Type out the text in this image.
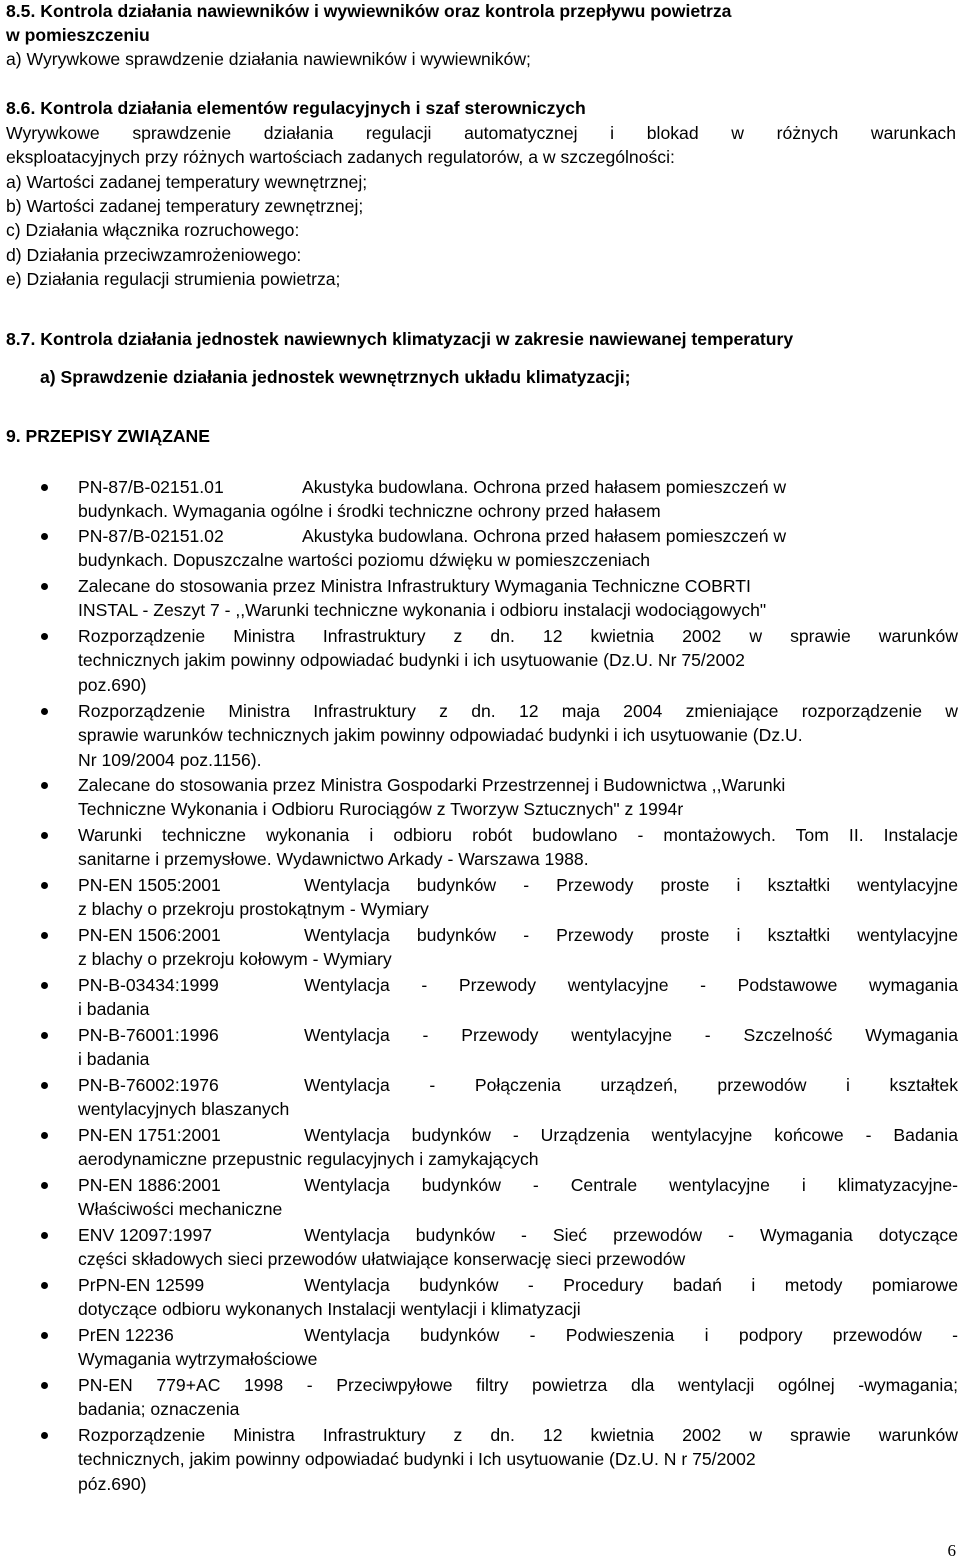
8.5. Kontrola działania nawiewników i wywiewników oraz kontrola przepływu powietrza
w pomieszczeniu
a) Wyrywkowe sprawdzenie działania nawiewników i wywiewników;
8.6. Kontrola działania elementów regulacyjnych i szaf sterowniczych
Wyrywkowe sprawdzenie działania regulacji automatycznej i blokad w różnych warunkach
eksploatacyjnych przy różnych wartościach zadanych regulatorów, a w szczególności:
a) Wartości zadanej temperatury wewnętrznej;
b) Wartości zadanej temperatury zewnętrznej;
c) Działania włącznika rozruchowego:
d) Działania przeciwzamrożeniowego:
e) Działania regulacji strumienia powietrza;
8.7. Kontrola działania jednostek nawiewnych klimatyzacji w zakresie nawiewanej temperatury
a) Sprawdzenie działania jednostek wewnętrznych układu klimatyzacji;
9. PRZEPISY ZWIĄZANE
PN-87/B-02151.01	Akustyka budowlana. Ochrona przed hałasem pomieszczeń w
budynkach. Wymagania ogólne i środki techniczne ochrony przed hałasem
PN-87/B-02151.02	Akustyka budowlana. Ochrona przed hałasem pomieszczeń w
budynkach. Dopuszczalne wartości poziomu dźwięku w pomieszczeniach
Zalecane do stosowania przez Ministra Infrastruktury Wymagania Techniczne COBRTI
INSTAL - Zeszyt 7 - ,,Warunki techniczne wykonania i odbioru instalacji wodociągowych"
Rozporządzenie Ministra Infrastruktury z dn. 12 kwietnia 2002 w sprawie warunków
technicznych jakim powinny odpowiadać budynki i ich usytuowanie (Dz.U. Nr 75/2002
poz.690)
Rozporządzenie Ministra Infrastruktury z dn. 12 maja 2004 zmieniające rozporządzenie w
sprawie warunków technicznych jakim powinny odpowiadać budynki i ich usytuowanie (Dz.U.
Nr 109/2004 poz.1156).
Zalecane do stosowania przez Ministra Gospodarki Przestrzennej i Budownictwa ,,Warunki
Techniczne Wykonania i Odbioru Rurociągów z Tworzyw Sztucznych" z 1994r
Warunki techniczne wykonania i odbioru robót budowlano - montażowych. Tom II. Instalacje
sanitarne i przemysłowe. Wydawnictwo Arkady - Warszawa 1988.
PN-EN 1505:2001	Wentylacja budynków - Przewody proste i kształtki wentylacyjne
z blachy o przekroju prostokątnym - Wymiary
PN-EN 1506:2001	Wentylacja budynków - Przewody proste i kształtki wentylacyjne
z blachy o przekroju kołowym - Wymiary
PN-B-03434:1999	Wentylacja - Przewody wentylacyjne - Podstawowe wymagania
i badania
PN-B-76001:1996	Wentylacja - Przewody wentylacyjne - Szczelność Wymagania
i badania
PN-B-76002:1976	Wentylacja - Połączenia urządzeń, przewodów i kształtek
wentylacyjnych blaszanych
PN-EN 1751:2001	Wentylacja budynków - Urządzenia wentylacyjne końcowe - Badania
aerodynamiczne przepustnic regulacyjnych i zamykających
PN-EN 1886:2001	Wentylacja budynków - Centrale wentylacyjne i klimatyzacyjne-
Właściwości mechaniczne
ENV 12097:1997	Wentylacja budynków - Sieć przewodów - Wymagania dotyczące
części składowych sieci przewodów ułatwiające konserwację sieci przewodów
PrPN-EN 12599	Wentylacja budynków - Procedury badań i metody pomiarowe
dotyczące odbioru wykonanych Instalacji wentylacji i klimatyzacji
PrEN 12236	Wentylacja budynków - Podwieszenia i podpory przewodów -
Wymagania wytrzymałościowe
PN-EN 779+AC 1998 - Przeciwpyłowe filtry powietrza dla wentylacji ogólnej -wymagania;
badania; oznaczenia
Rozporządzenie Ministra Infrastruktury z dn. 12 kwietnia 2002 w sprawie warunków
technicznych, jakim powinny odpowiadać budynki i Ich usytuowanie (Dz.U. N r 75/2002
póz.690)
6
